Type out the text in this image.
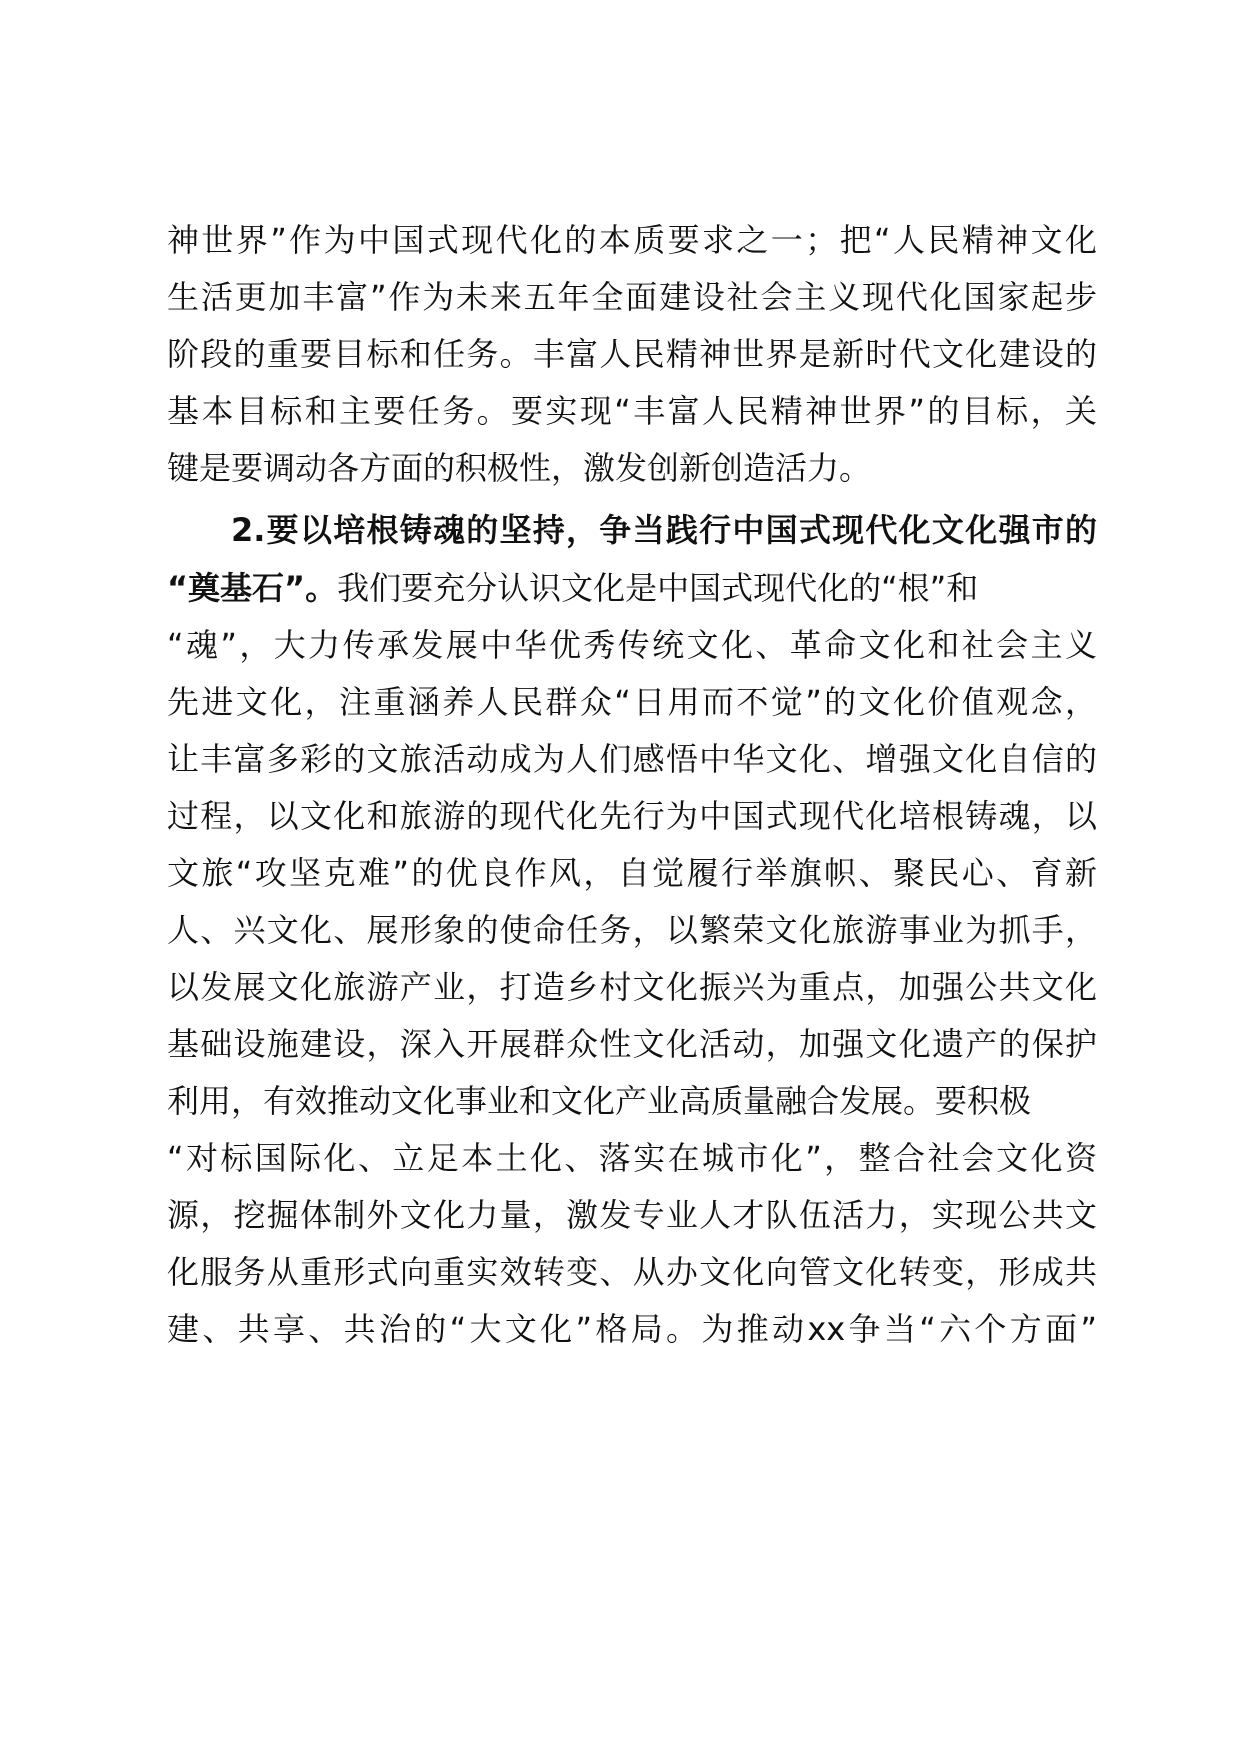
神世界”作为中国式现代化的本质要求之一；把“人民精神文化
生活更加丰富”作为未来五年全面建设社会主义现代化国家起步
阶段的重要目标和任务。丰富人民精神世界是新时代文化建设的
基本目标和主要任务。要实现“丰富人民精神世界”的目标，关
键是要调动各方面的积极性，激发创新创造活力。
2.要以培根铸魂的坚持，争当践行中国式现代化文化强市的
“奠基石”。我们要充分认识文化是中国式现代化的“根”和
“魂”，大力传承发展中华优秀传统文化、革命文化和社会主义
先进文化，注重涵养人民群众“日用而不觉”的文化价值观念，
让丰富多彩的文旅活动成为人们感悟中华文化、增强文化自信的
过程，以文化和旅游的现代化先行为中国式现代化培根铸魂，以
文旅“攻坚克难”的优良作风，自觉履行举旗帜、聚民心、育新
人、兴文化、展形象的使命任务，以繁荣文化旅游事业为抓手，
以发展文化旅游产业，打造乡村文化振兴为重点，加强公共文化
基础设施建设，深入开展群众性文化活动，加强文化遗产的保护
利用，有效推动文化事业和文化产业高质量融合发展。要积极
“对标国际化、立足本土化、落实在城市化”，整合社会文化资
源，挖掘体制外文化力量，激发专业人才队伍活力，实现公共文
化服务从重形式向重实效转变、从办文化向管文化转变，形成共
建、共享、共治的“大文化”格局。为推动xx争当“六个方面”
